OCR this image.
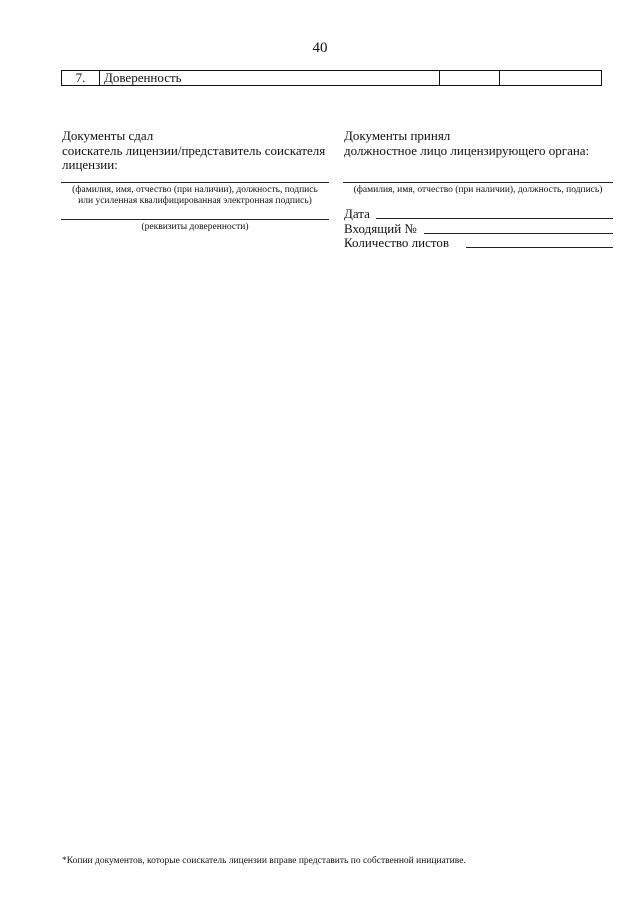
40
7.	Доверенность		
Документы сдал
соискатель лицензии/представитель соискателя
лицензии:
(фамилия, имя, отчество (при наличии), должность, подпись
или усиленная квалифицированная электронная подпись)
(реквизиты доверенности)
Документы принял
должностное лицо лицензирующего органа:
(фамилия, имя, отчество (при наличии), должность, подпись)
Дата
Входящий №
Количество листов
*Копии документов, которые соискатель лицензии вправе представить по собственной инициативе.
